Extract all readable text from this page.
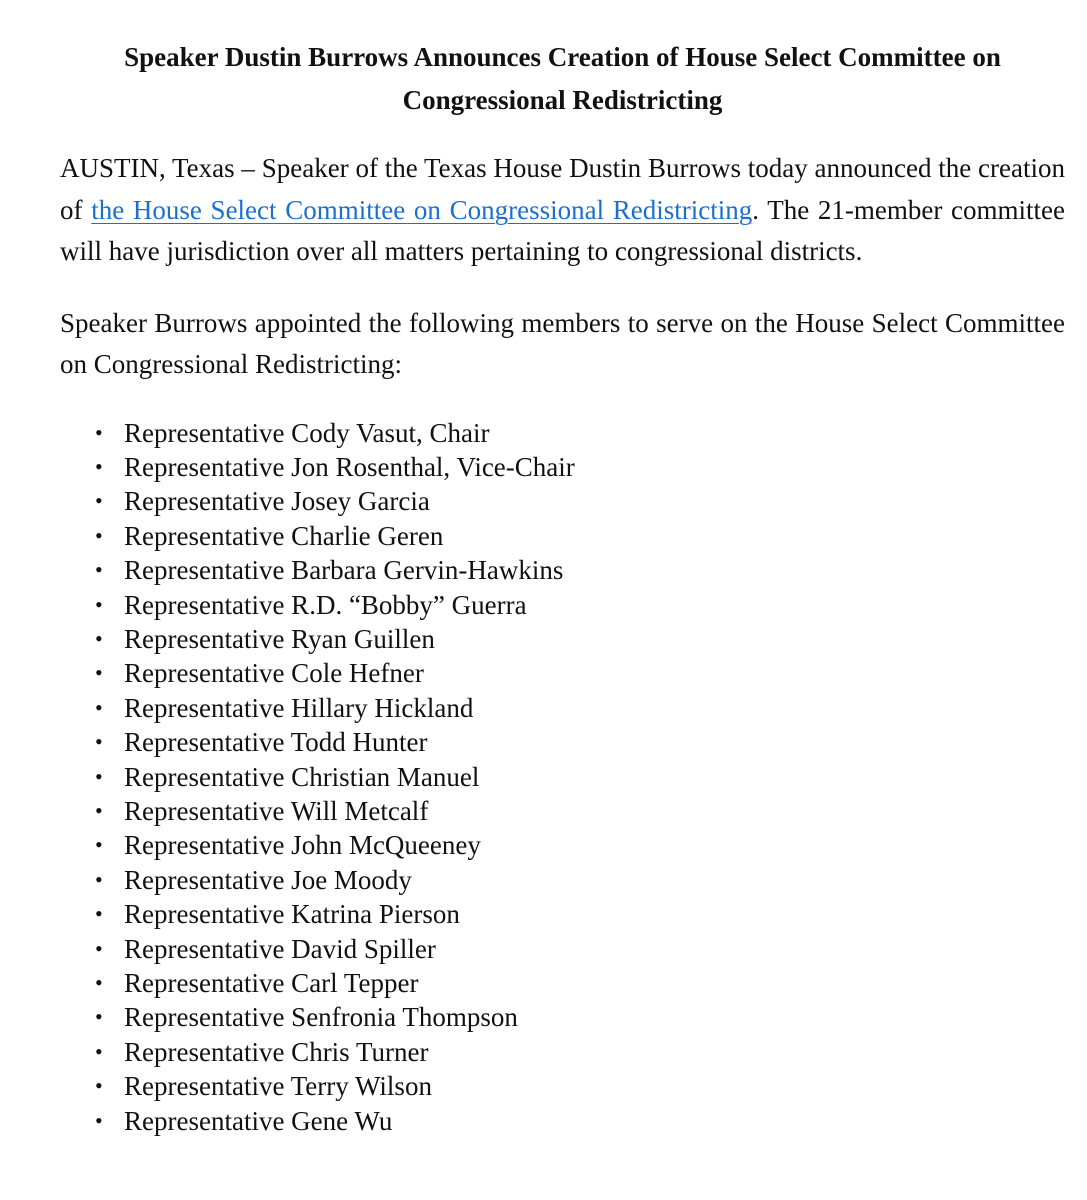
Speaker Dustin Burrows Announces Creation of House Select Committee on Congressional Redistricting

AUSTIN, Texas – Speaker of the Texas House Dustin Burrows today announced the creation of the House Select Committee on Congressional Redistricting. The 21-member committee will have jurisdiction over all matters pertaining to congressional districts.

Speaker Burrows appointed the following members to serve on the House Select Committee on Congressional Redistricting:

• Representative Cody Vasut, Chair
• Representative Jon Rosenthal, Vice-Chair
• Representative Josey Garcia
• Representative Charlie Geren
• Representative Barbara Gervin-Hawkins
• Representative R.D. “Bobby” Guerra
• Representative Ryan Guillen
• Representative Cole Hefner
• Representative Hillary Hickland
• Representative Todd Hunter
• Representative Christian Manuel
• Representative Will Metcalf
• Representative John McQueeney
• Representative Joe Moody
• Representative Katrina Pierson
• Representative David Spiller
• Representative Carl Tepper
• Representative Senfronia Thompson
• Representative Chris Turner
• Representative Terry Wilson
• Representative Gene Wu
